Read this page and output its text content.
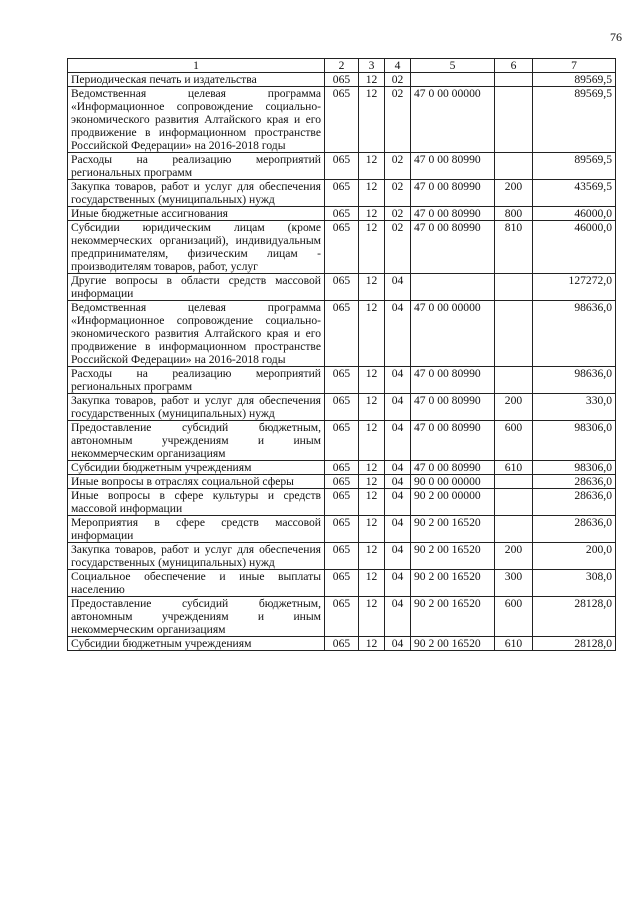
76
1	2	3	4	5	6	7
Периодическая печать и издательства	065	12	02			89569,5
Ведомственная целевая программа «Информационное сопровождение социально-экономического развития Алтайского края и его продвижение в информационном пространстве Российской Федерации» на 2016-2018 годы	065	12	02	47 0 00 00000		89569,5
Расходы на реализацию мероприятий региональных программ	065	12	02	47 0 00 80990		89569,5
Закупка товаров, работ и услуг для обеспечения государственных (муниципальных) нужд	065	12	02	47 0 00 80990	200	43569,5
Иные бюджетные ассигнования	065	12	02	47 0 00 80990	800	46000,0
Субсидии юридическим лицам (кроме некоммерческих организаций), индивидуальным предпринимателям, физическим лицам - производителям товаров, работ, услуг	065	12	02	47 0 00 80990	810	46000,0
Другие вопросы в области средств массовой информации	065	12	04			127272,0
Ведомственная целевая программа «Информационное сопровождение социально-экономического развития Алтайского края и его продвижение в информационном пространстве Российской Федерации» на 2016-2018 годы	065	12	04	47 0 00 00000		98636,0
Расходы на реализацию мероприятий региональных программ	065	12	04	47 0 00 80990		98636,0
Закупка товаров, работ и услуг для обеспечения государственных (муниципальных) нужд	065	12	04	47 0 00 80990	200	330,0
Предоставление субсидий бюджетным, автономным учреждениям и иным некоммерческим организациям	065	12	04	47 0 00 80990	600	98306,0
Субсидии бюджетным учреждениям	065	12	04	47 0 00 80990	610	98306,0
Иные вопросы в отраслях социальной сферы	065	12	04	90 0 00 00000		28636,0
Иные вопросы в сфере культуры и средств массовой информации	065	12	04	90 2 00 00000		28636,0
Мероприятия в сфере средств массовой информации	065	12	04	90 2 00 16520		28636,0
Закупка товаров, работ и услуг для обеспечения государственных (муниципальных) нужд	065	12	04	90 2 00 16520	200	200,0
Социальное обеспечение и иные выплаты населению	065	12	04	90 2 00 16520	300	308,0
Предоставление субсидий бюджетным, автономным учреждениям и иным некоммерческим организациям	065	12	04	90 2 00 16520	600	28128,0
Субсидии бюджетным учреждениям	065	12	04	90 2 00 16520	610	28128,0
